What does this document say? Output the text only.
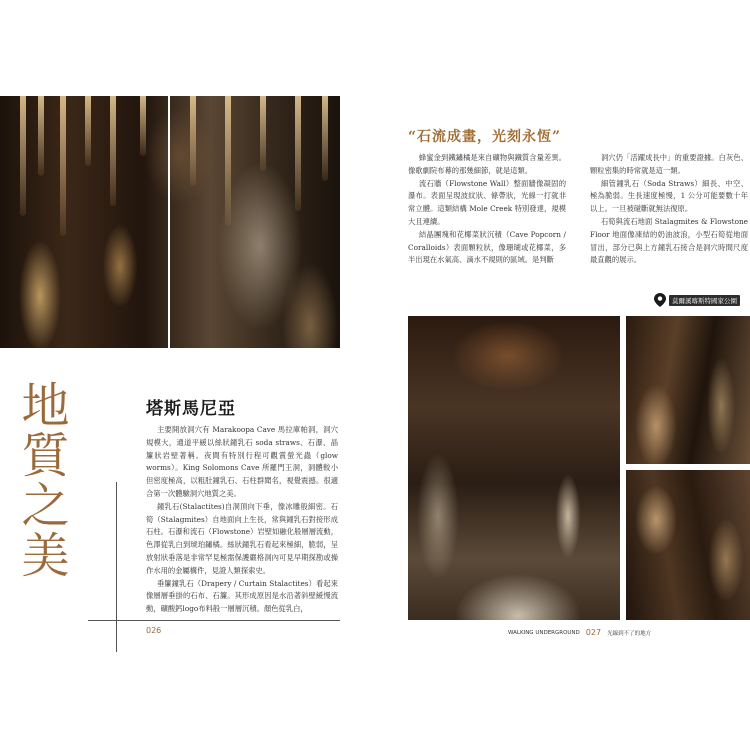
地質之美	塔斯馬尼亞

主要開放洞穴有 Marakoopa Cave 馬拉庫帕洞，洞穴規模大，通道平緩以絲狀鐘乳石 soda straws、石瀑、晶簾狀岩壁著稱。夜間有特別行程可觀賞螢光蟲（glow worms）。King Solomons Cave 所羅門王洞，洞體較小但密度極高，以粗肚鐘乳石、石柱群聞名，視覺震撼。很適合第一次體驗洞穴地質之美。

鐘乳石(Stalactites)自洞頂向下垂，像冰雕般細密。石筍（Stalagmites）自地面向上生長，常與鐘乳石對接形成石柱。石瀑和流石（Flowstone）岩壁如融化般層層流動，色澤從乳白到琥珀鏽橘。絲狀鐘乳石看起來極細，脆弱，呈放射狀垂落是非常罕見極需保護嚴格洞內可見早期探勘或操作水用的金屬構件，見證人類探索史。

垂簾鐘乳石（Drapery / Curtain Stalactites）看起來像層層垂掛的石布、石簾。其形成原因是水沿著斜壁緩慢流動，礦酸鈣logo布料般一層層沉積。顏色從乳白，

026
“石流成畫，光刻永恆”

蜂蜜金到鐵鏽橘是來自礦物與鐵質含量差異。像歌劇院布幕的那幾細節，就是這類。

流石牆（Flowstone Wall）整面牆像凝固的瀑布。表面呈現波紋狀、條帶狀，光線一打就非常立體。這類結構 Mole Creek 特別發達，規模大且連續。

結晶團塊和花椰菜狀沉積（Cave Popcorn / Coralloids）表面顆粒狀，像珊瑚或花椰菜，多半出現在水氣高、滴水不規則的區域。是判斷

洞穴仍「活躍成長中」的重要證據。白灰色、顆粒密集的時常就是這一類。

細管鐘乳石（Soda Straws）細長、中空、極為脆弱。生長速度極慢，1 公分可能要數十年以上。一旦被碰斷就無法復原。

石筍與流石地面 Stalagmites & Flowstone Floor 地面像凍結的奶油波浪，小型石筍從地面冒出，部分已與上方鐘乳石接合是洞穴時間尺度最直觀的展示。

莫爾溪喀斯特國家公園
WALKING UNDERGROUND 027 光線到不了的地方
